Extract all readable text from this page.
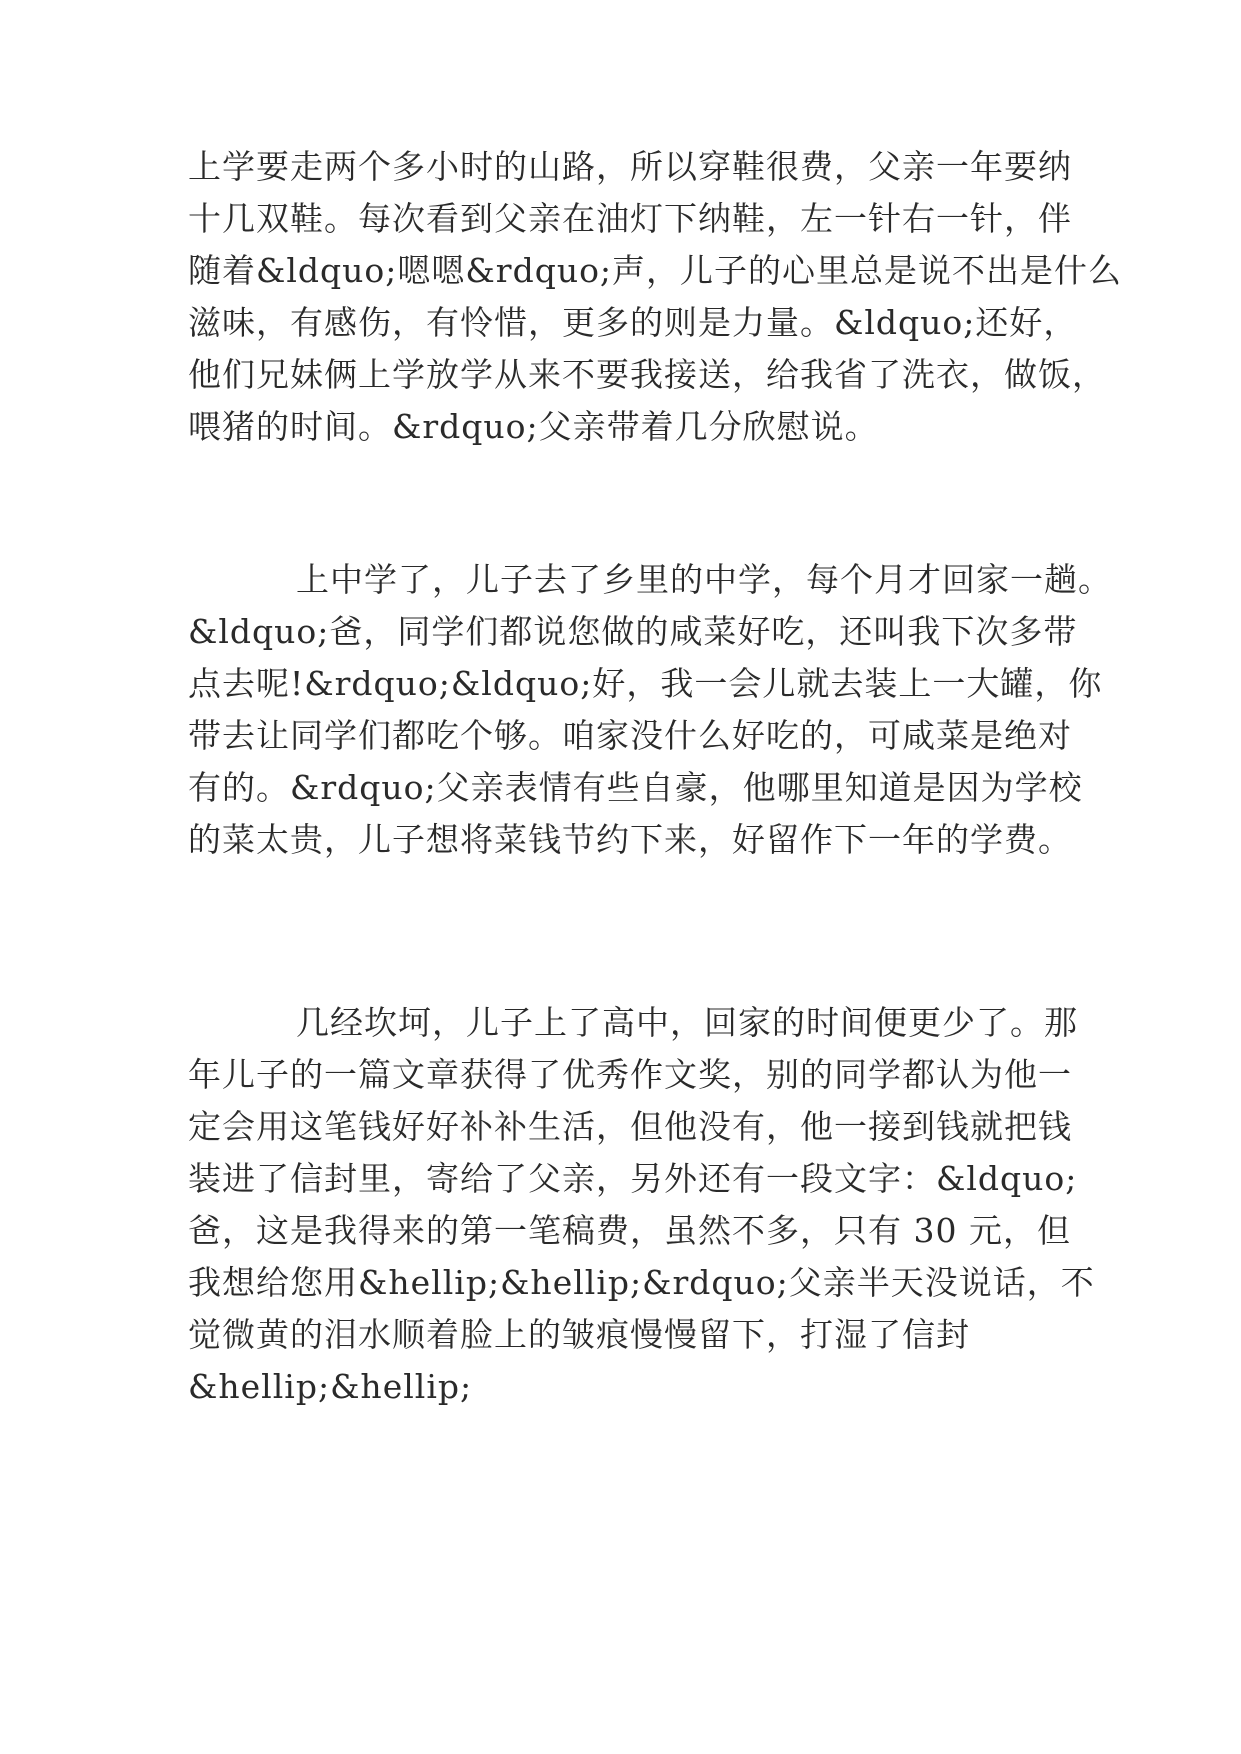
上学要走两个多小时的山路，所以穿鞋很费，父亲一年要纳

十几双鞋。每次看到父亲在油灯下纳鞋，左一针右一针，伴

随着&ldquo;嗯嗯&rdquo;声，儿子的心里总是说不出是什么

滋味，有感伤，有怜惜，更多的则是力量。&ldquo;还好，

他们兄妹俩上学放学从来不要我接送，给我省了洗衣，做饭，

喂猪的时间。&rdquo;父亲带着几分欣慰说。

上中学了，儿子去了乡里的中学，每个月才回家一趟。

&ldquo;爸，同学们都说您做的咸菜好吃，还叫我下次多带

点去呢!&rdquo;&ldquo;好，我一会儿就去装上一大罐，你

带去让同学们都吃个够。咱家没什么好吃的，可咸菜是绝对

有的。&rdquo;父亲表情有些自豪，他哪里知道是因为学校

的菜太贵，儿子想将菜钱节约下来，好留作下一年的学费。

几经坎坷，儿子上了高中，回家的时间便更少了。那

年儿子的一篇文章获得了优秀作文奖，别的同学都认为他一

定会用这笔钱好好补补生活，但他没有，他一接到钱就把钱

装进了信封里，寄给了父亲，另外还有一段文字：&ldquo;

爸，这是我得来的第一笔稿费，虽然不多，只有 30 元，但

我想给您用&hellip;&hellip;&rdquo;父亲半天没说话，不

觉微黄的泪水顺着脸上的皱痕慢慢留下，打湿了信封

&hellip;&hellip;
